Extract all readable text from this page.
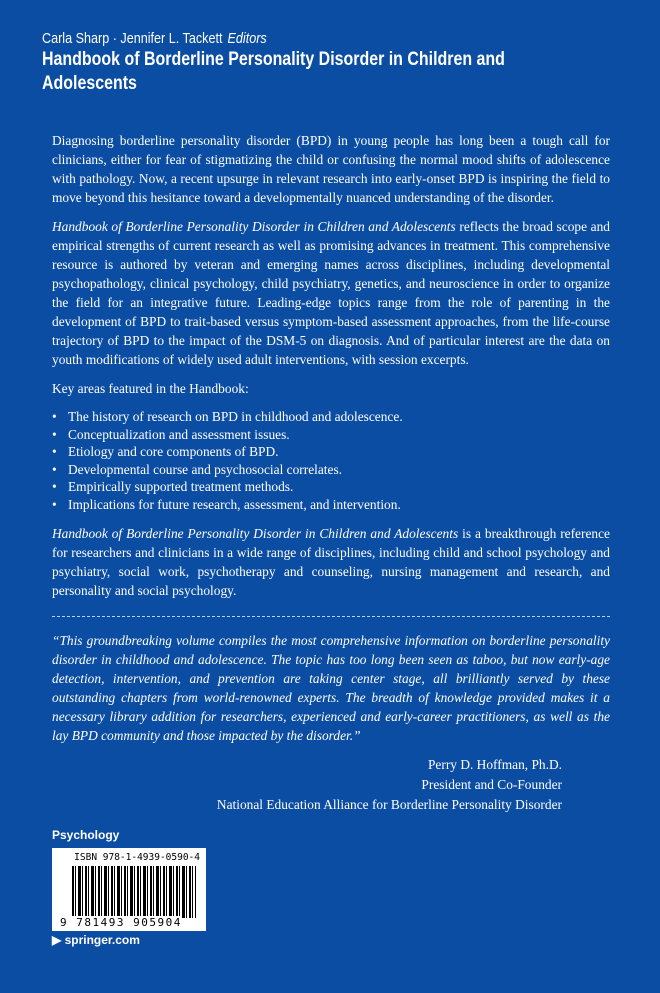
Carla Sharp · Jennifer L. Tackett Editors
Handbook of Borderline Personality Disorder in Children and Adolescents

Diagnosing borderline personality disorder (BPD) in young people has long been a tough call for clinicians, either for fear of stigmatizing the child or confusing the normal mood shifts of adolescence with pathology. Now, a recent upsurge in relevant research into early-onset BPD is inspiring the field to move beyond this hesitance toward a developmentally nuanced understanding of the disorder.

Handbook of Borderline Personality Disorder in Children and Adolescents reflects the broad scope and empirical strengths of current research as well as promising advances in treatment. This comprehensive resource is authored by veteran and emerging names across disciplines, including developmental psychopathology, clinical psychology, child psychiatry, genetics, and neuroscience in order to organize the field for an integrative future. Leading-edge topics range from the role of parenting in the development of BPD to trait-based versus symptom-based assessment approaches, from the life-course trajectory of BPD to the impact of the DSM-5 on diagnosis. And of particular interest are the data on youth modifications of widely used adult interventions, with session excerpts.

Key areas featured in the Handbook:

• The history of research on BPD in childhood and adolescence.
• Conceptualization and assessment issues.
• Etiology and core components of BPD.
• Developmental course and psychosocial correlates.
• Empirically supported treatment methods.
• Implications for future research, assessment, and intervention.

Handbook of Borderline Personality Disorder in Children and Adolescents is a breakthrough reference for researchers and clinicians in a wide range of disciplines, including child and school psychology and psychiatry, social work, psychotherapy and counseling, nursing management and research, and personality and social psychology.

“This groundbreaking volume compiles the most comprehensive information on borderline personality disorder in childhood and adolescence. The topic has too long been seen as taboo, but now early-age detection, intervention, and prevention are taking center stage, all brilliantly served by these outstanding chapters from world-renowned experts. The breadth of knowledge provided makes it a necessary library addition for researchers, experienced and early-career practitioners, as well as the lay BPD community and those impacted by the disorder.”

Perry D. Hoffman, Ph.D.
President and Co-Founder
National Education Alliance for Borderline Personality Disorder
Psychology
ISBN 978-1-4939-0590-4
9 781493 905904
▶ springer.com
